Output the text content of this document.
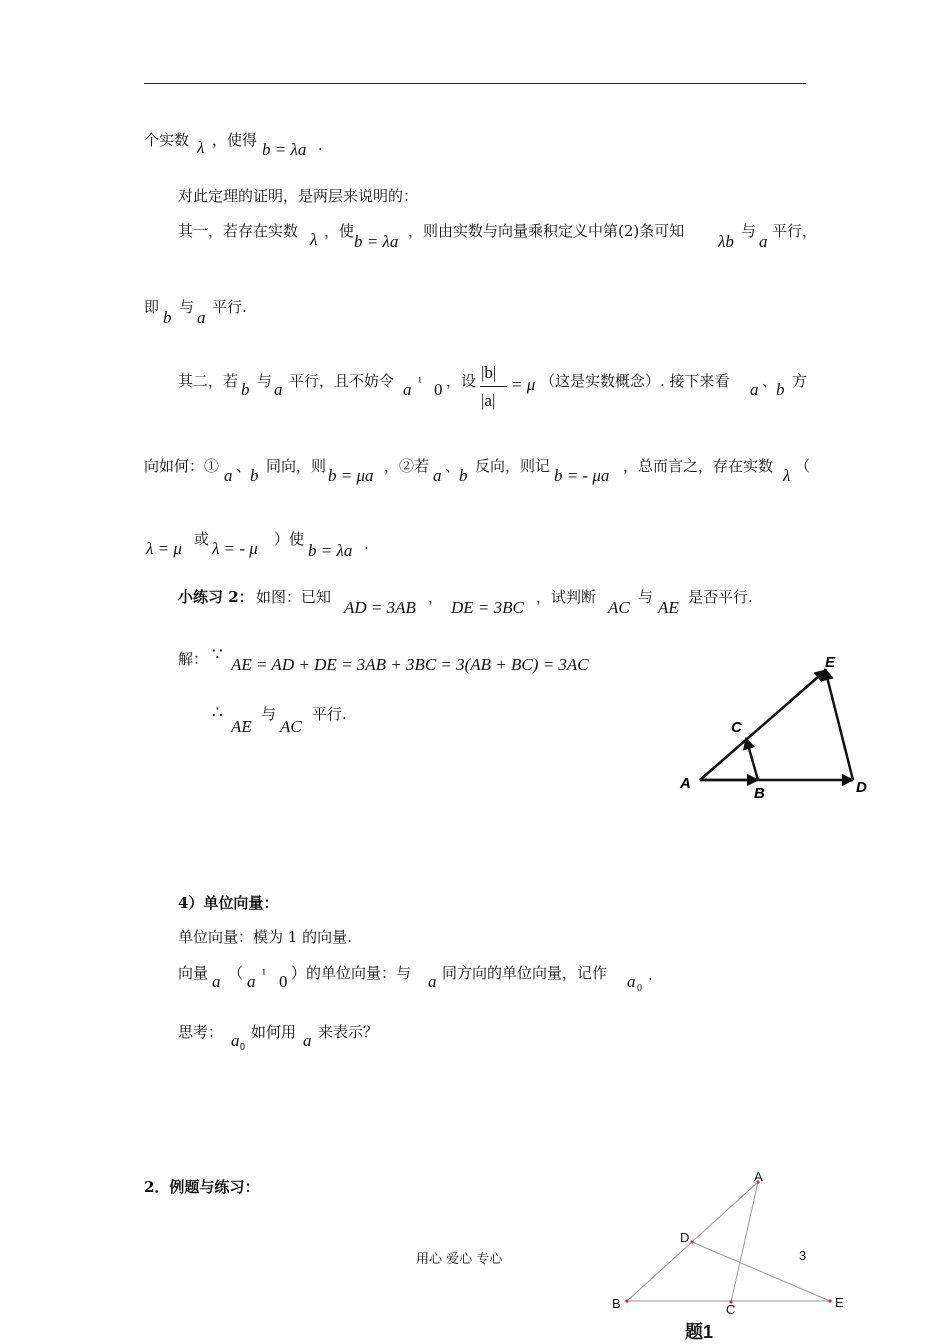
个实数 λ ，使得 b = λa .
对此定理的证明，是两层来说明的：
其一，若存在实数 λ ，使
b = λa
，则由实数与向量乘积定义中第(2)条可知
λb
与
a
平行，
即
b
与
a
平行.
其二，若 b 与 a 平行，且不妨令 a ¹ 0 ，设 |b|
|a|
= μ （这是实数概念）. 接下来看 a 、
b 方
向如何：① a 、
b 同向，则 b = μa ，②若 a 、
b 反向，则记 b = - μa ，总而言之，存在实数 λ （
λ = μ 或 λ = - μ ）使
b = λa .
小练习 2： 如图：已知
AD = 3AB
，
DE = 3BC
，试判断
AC
与
AE
是否平行.
解： ∵ AE = AD + DE = 3AB + 3BC = 3(AB + BC) = 3AC
∴
AE
与
AC
平行.
A
B
C
D
E
4）单位向量：
单位向量：模为 1 的向量.
向量 a （ a ¹ 0 ）的单位向量：与 a 同方向的单位向量，记作 a 0
.
思考： a 0
如何用 a 来表示？
2．例题与练习：
用心 爱心 专心	3
A
B	C
D
E
题1
